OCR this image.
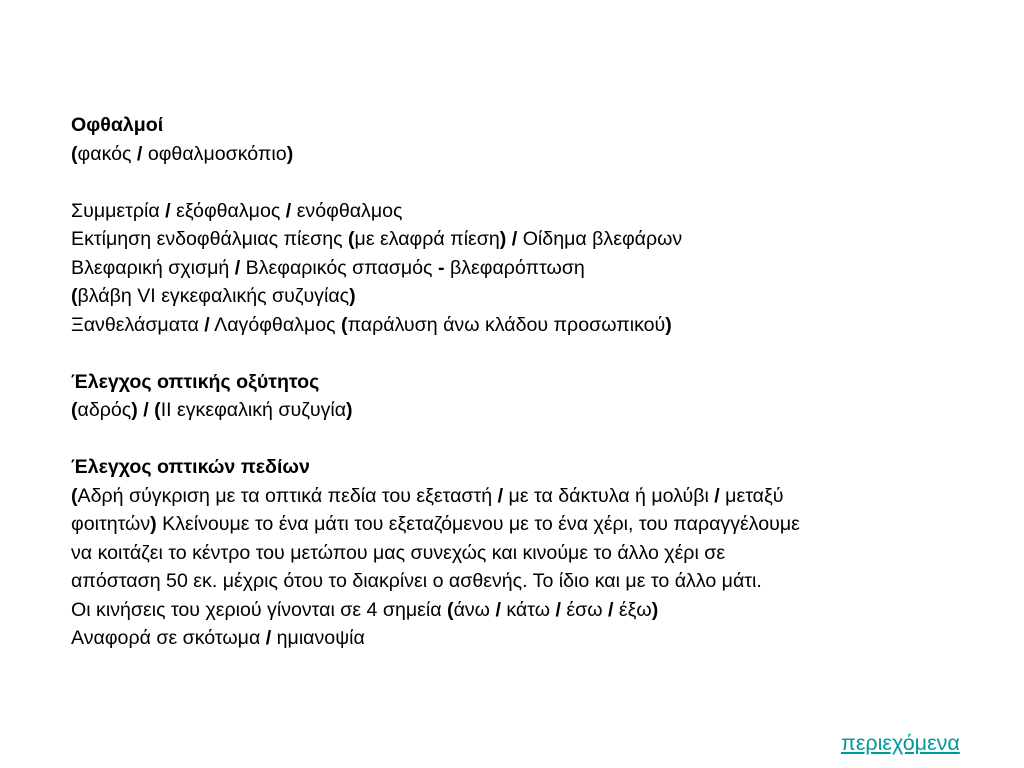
Οφθαλμοί
(φακός / οφθαλμοσκόπιο)
Συμμετρία / εξόφθαλμος / ενόφθαλμος
Εκτίμηση ενδοφθάλμιας πίεσης (με ελαφρά πίεση) / Οίδημα βλεφάρων
Βλεφαρική σχισμή / Βλεφαρικός σπασμός - βλεφαρόπτωση
(βλάβη VI εγκεφαλικής συζυγίας)
Ξανθελάσματα / Λαγόφθαλμος (παράλυση άνω κλάδου προσωπικού)
Έλεγχος οπτικής οξύτητος
(αδρός) / (II εγκεφαλική συζυγία)
Έλεγχος οπτικών πεδίων
(Αδρή σύγκριση με τα οπτικά πεδία του εξεταστή / με τα δάκτυλα ή μολύβι / μεταξύ
φοιτητών) Κλείνουμε το ένα μάτι του εξεταζόμενου με το ένα χέρι, του παραγγέλουμε
να κοιτάζει το κέντρο του μετώπου μας συνεχώς και κινούμε το άλλο χέρι σε
απόσταση 50 εκ. μέχρις ότου το διακρίνει ο ασθενής. Το ίδιο και με το άλλο μάτι.
Οι κινήσεις του χεριού γίνονται σε 4 σημεία (άνω / κάτω / έσω / έξω)
Αναφορά σε σκότωμα / ημιανοψία
περιεχόμενα
